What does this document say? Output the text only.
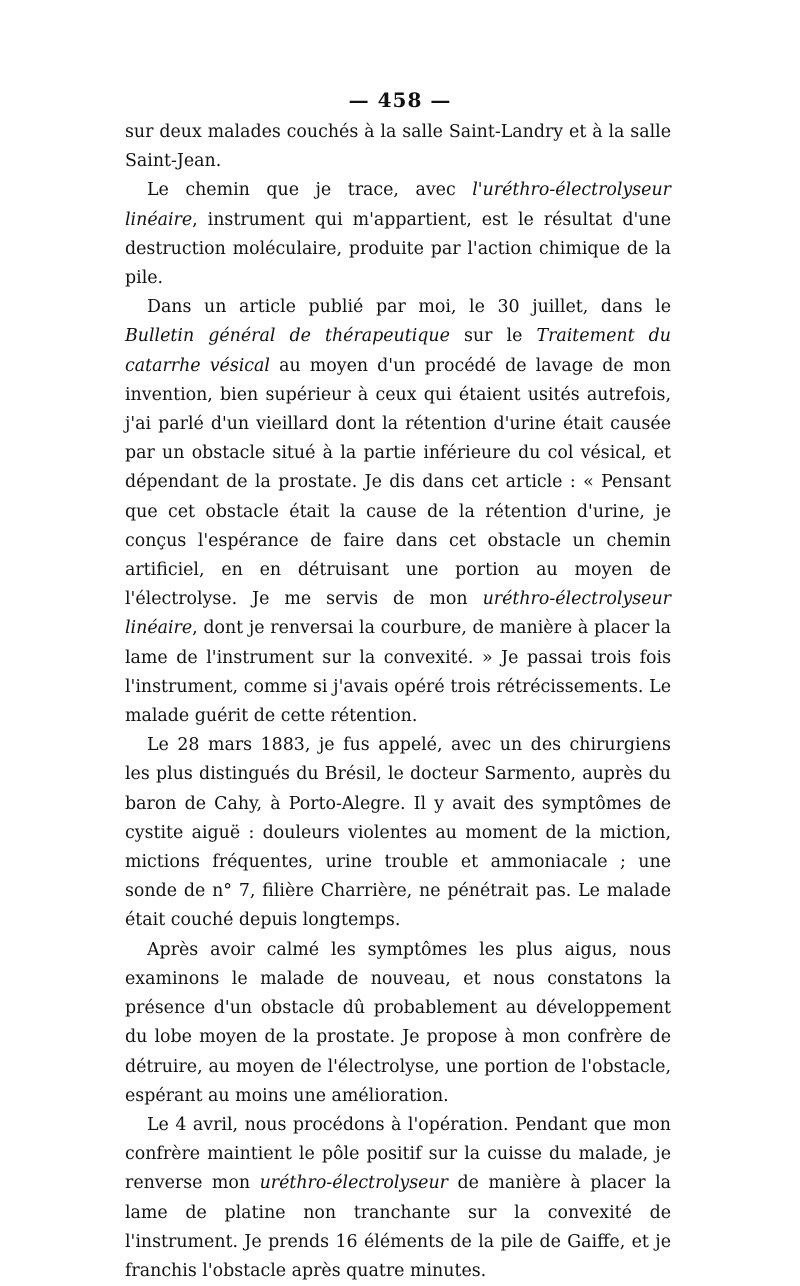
— 458 —

sur deux malades couchés à la salle Saint-Landry et à la salle Saint-Jean.

Le chemin que je trace, avec l'uréthro-électrolyseur linéaire, instrument qui m'appartient, est le résultat d'une destruction moléculaire, produite par l'action chimique de la pile.

Dans un article publié par moi, le 30 juillet, dans le Bulletin général de thérapeutique sur le Traitement du catarrhe vésical au moyen d'un procédé de lavage de mon invention, bien supérieur à ceux qui étaient usités autrefois, j'ai parlé d'un vieillard dont la rétention d'urine était causée par un obstacle situé à la partie inférieure du col vésical, et dépendant de la prostate. Je dis dans cet article : « Pensant que cet obstacle était la cause de la rétention d'urine, je conçus l'espérance de faire dans cet obstacle un chemin artificiel, en en détruisant une portion au moyen de l'électrolyse. Je me servis de mon uréthro-électrolyseur linéaire, dont je renversai la courbure, de manière à placer la lame de l'instrument sur la convexité. » Je passai trois fois l'instrument, comme si j'avais opéré trois rétrécissements. Le malade guérit de cette rétention.

Le 28 mars 1883, je fus appelé, avec un des chirurgiens les plus distingués du Brésil, le docteur Sarmento, auprès du baron de Cahy, à Porto-Alegre. Il y avait des symptômes de cystite aiguë : douleurs violentes au moment de la miction, mictions fréquentes, urine trouble et ammoniacale ; une sonde de n° 7, filière Charrière, ne pénétrait pas. Le malade était couché depuis longtemps.

Après avoir calmé les symptômes les plus aigus, nous examinons le malade de nouveau, et nous constatons la présence d'un obstacle dû probablement au développement du lobe moyen de la prostate. Je propose à mon confrère de détruire, au moyen de l'électrolyse, une portion de l'obstacle, espérant au moins une amélioration.

Le 4 avril, nous procédons à l'opération. Pendant que mon confrère maintient le pôle positif sur la cuisse du malade, je renverse mon uréthro-électrolyseur de manière à placer la lame de platine non tranchante sur la convexité de l'instrument. Je prends 16 éléments de la pile de Gaiffe, et je franchis l'obstacle après quatre minutes.
